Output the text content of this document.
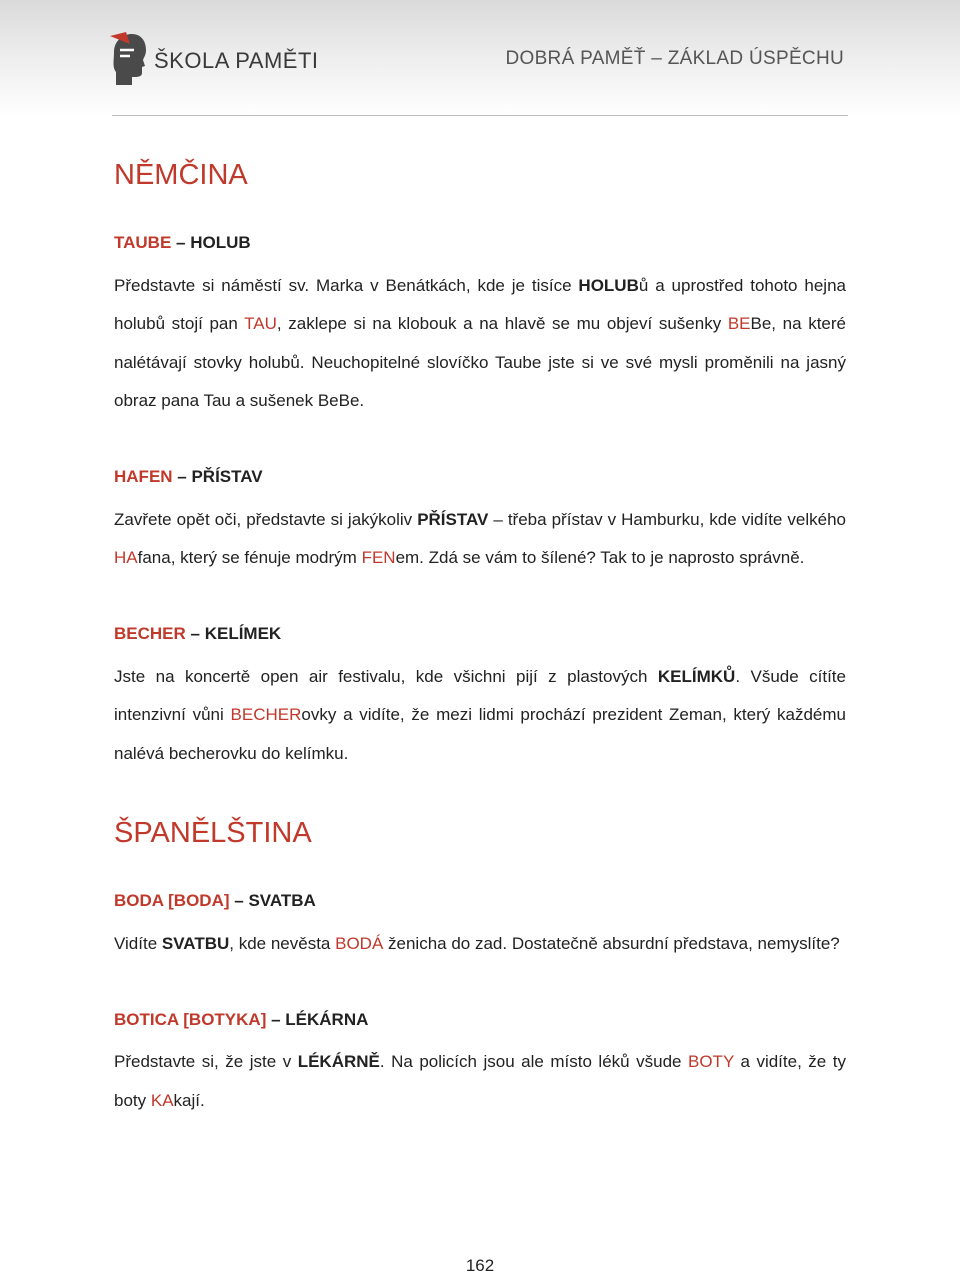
ŠKOLA PAMĚTI	DOBRÁ PAMĚŤ – ZÁKLAD ÚSPĚCHU
NĚMČINA
TAUBE – HOLUB

Představte si náměstí sv. Marka v Benátkách, kde je tisíce HOLUBů a uprostřed tohoto hejna holubů stojí pan TAU, zaklepe si na klobouk a na hlavě se mu objeví sušenky BEBe, na které nalétávají stovky holubů. Neuchopitelné slovíčko Taube jste si ve své mysli proměnili na jasný obraz pana Tau a sušenek BeBe.

HAFEN – PŘÍSTAV

Zavřete opět oči, představte si jakýkoliv PŘÍSTAV – třeba přístav v Hamburku, kde vidíte velkého HAfana, který se fénuje modrým FENem. Zdá se vám to šílené? Tak to je naprosto správně.

BECHER – KELÍMEK

Jste na koncertě open air festivalu, kde všichni pijí z plastových KELÍMKŮ. Všude cítíte intenzivní vůni BECHERovky a vidíte, že mezi lidmi prochází prezident Zeman, který každému nalévá becherovku do kelímku.

ŠPANĚLŠTINA
BODA [BODA] – SVATBA

Vidíte SVATBU, kde nevěsta BODÁ ženicha do zad. Dostatečně absurdní představa, nemyslíte?

BOTICA [BOTYKA] – LÉKÁRNA

Představte si, že jste v LÉKÁRNĚ. Na policích jsou ale místo léků všude BOTY a vidíte, že ty boty KAkají.

162
